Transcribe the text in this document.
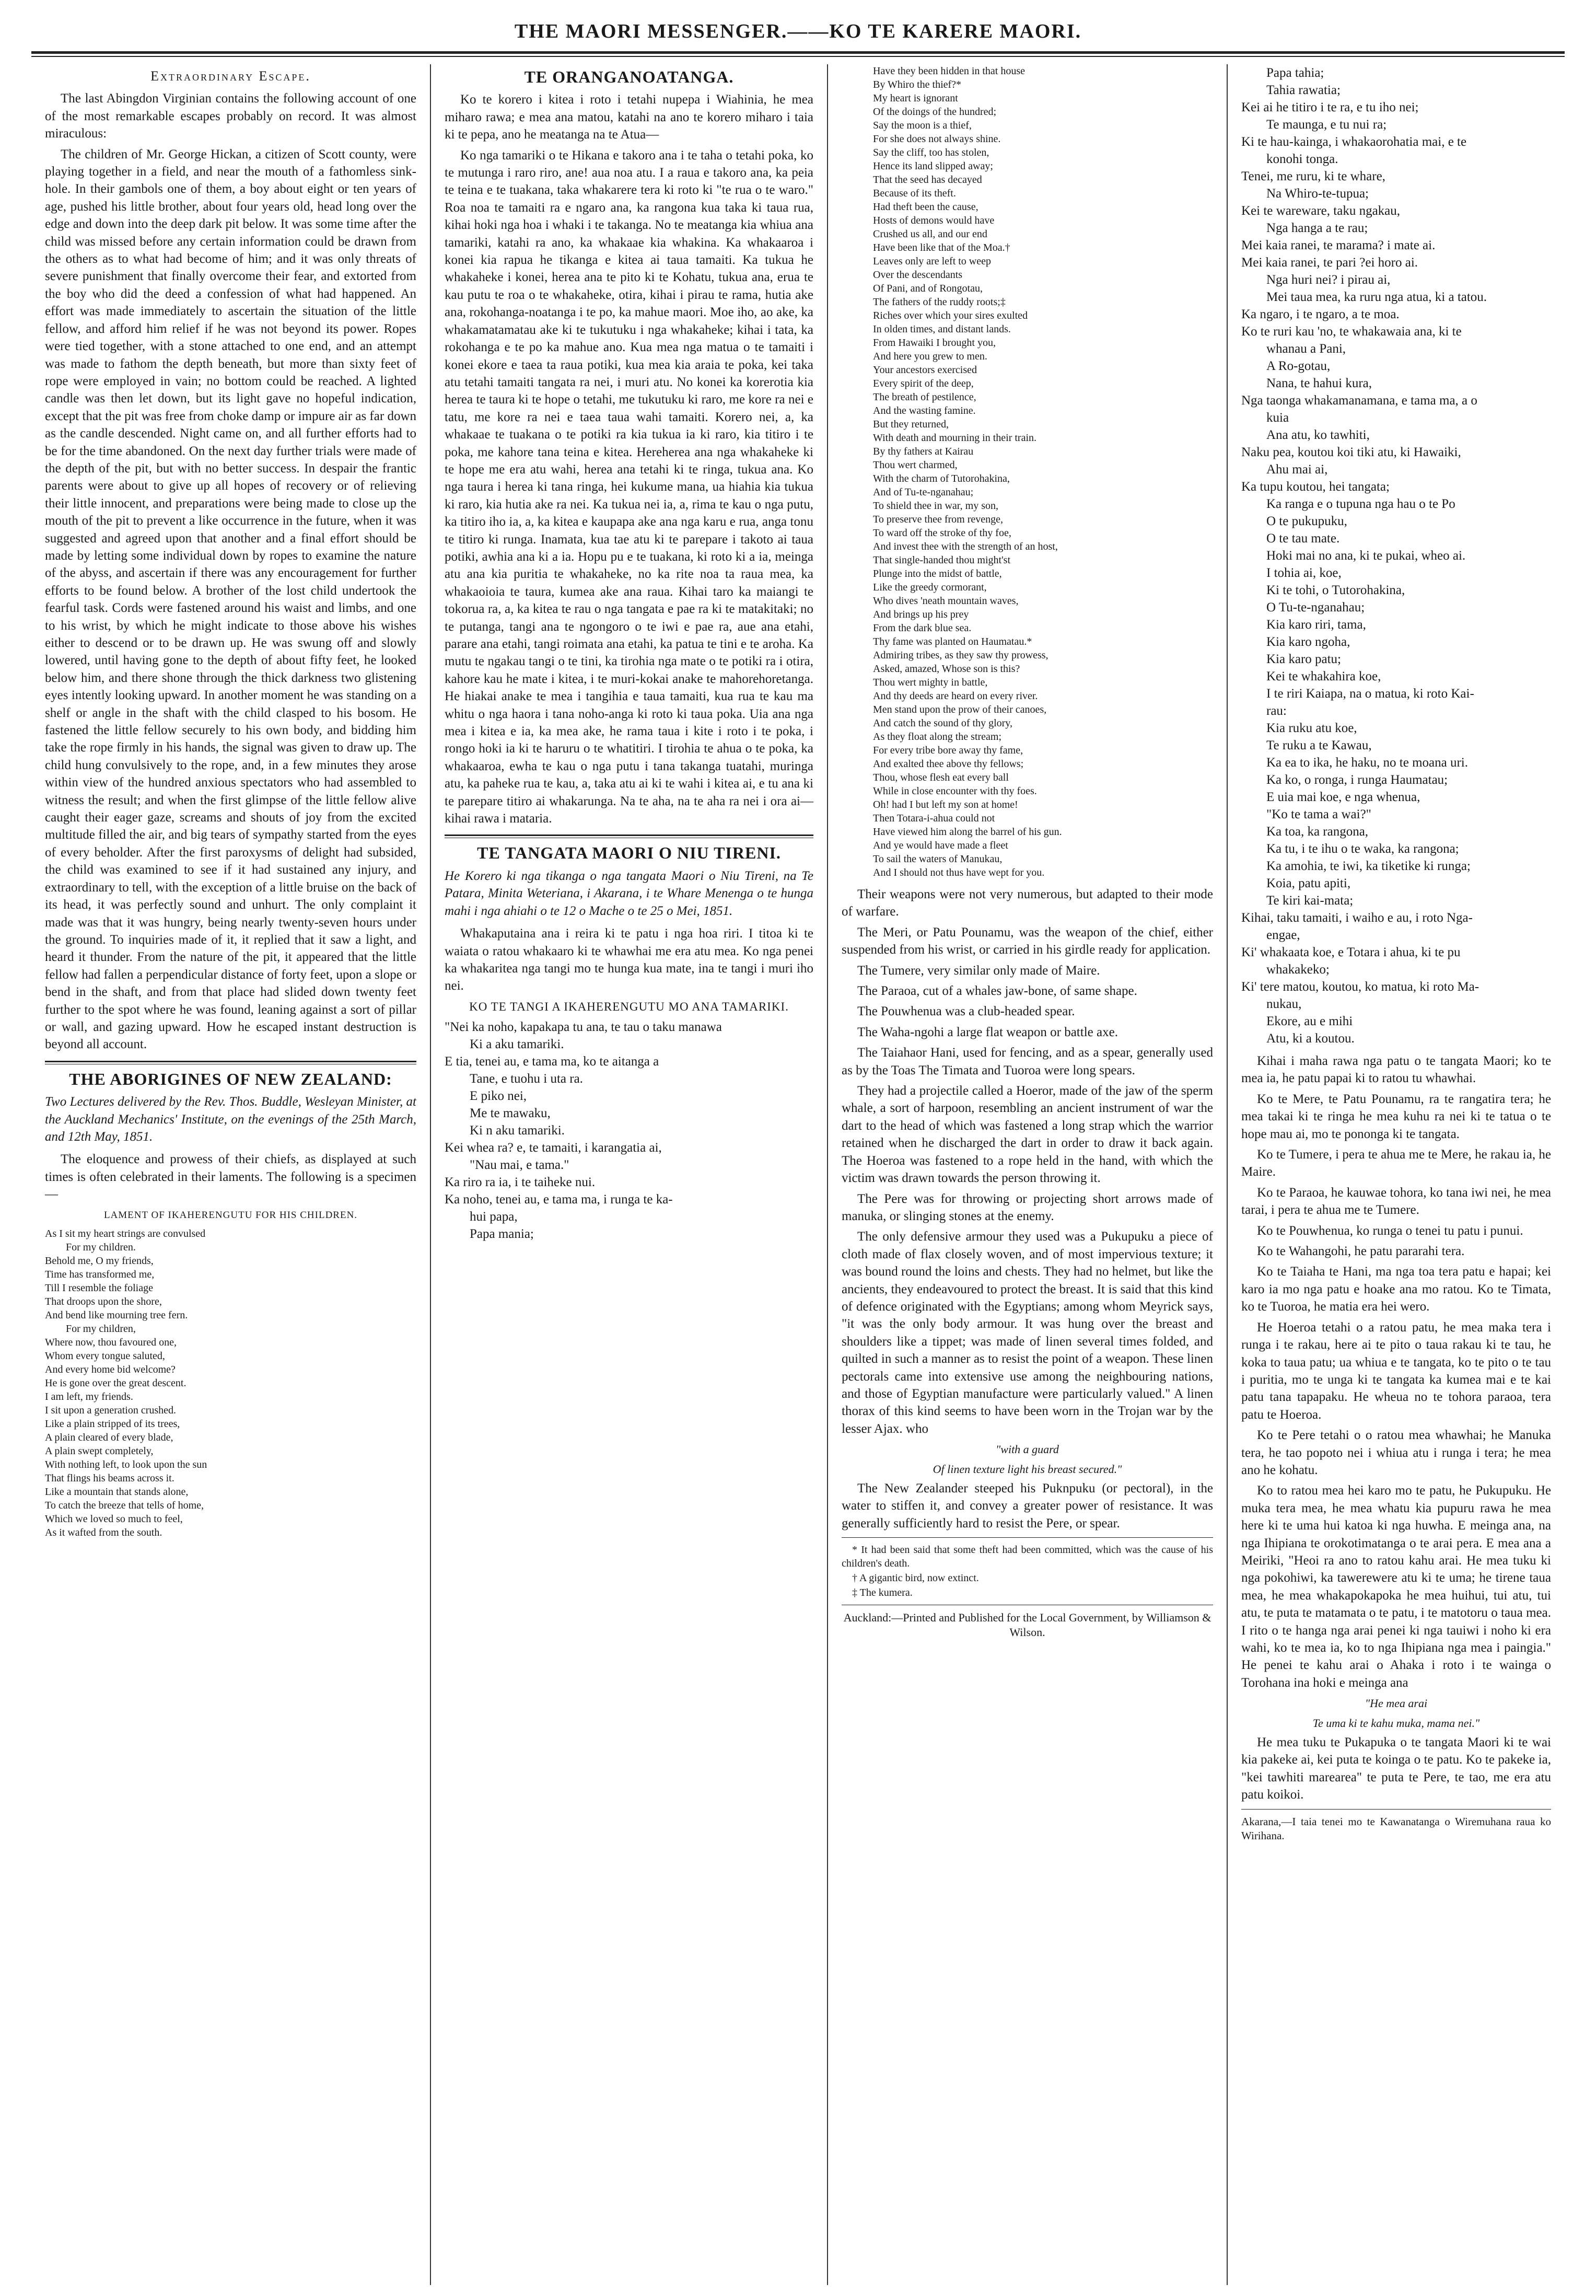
THE MAORI MESSENGER.——KO TE KARERE MAORI.
Extraordinary Escape.

The last Abingdon Virginian contains the following account of one of the most remarkable escapes probably on record. It was almost miraculous:

The children of Mr. George Hickan, a citizen of Scott county, were playing together in a field, and near the mouth of a fathomless sink-hole. In their gambols one of them, a boy about eight or ten years of age, pushed his little brother, about four years old, head long over the edge and down into the deep dark pit below. It was some time after the child was missed before any certain information could be drawn from the others as to what had become of him; and it was only threats of severe punishment that finally overcome their fear, and extorted from the boy who did the deed a confession of what had happened. An effort was made immediately to ascertain the situation of the little fellow, and afford him relief if he was not beyond its power. Ropes were tied together, with a stone attached to one end, and an attempt was made to fathom the depth beneath, but more than sixty feet of rope were employed in vain; no bottom could be reached. A lighted candle was then let down, but its light gave no hopeful indication, except that the pit was free from choke damp or impure air as far down as the candle descended. Night came on, and all further efforts had to be for the time abandoned. On the next day further trials were made of the depth of the pit, but with no better success. In despair the frantic parents were about to give up all hopes of recovery or of relieving their little innocent, and preparations were being made to close up the mouth of the pit to prevent a like occurrence in the future, when it was suggested and agreed upon that another and a final effort should be made by letting some individual down by ropes to examine the nature of the abyss, and ascertain if there was any encouragement for further efforts to be found below. A brother of the lost child undertook the fearful task. Cords were fastened around his waist and limbs, and one to his wrist, by which he might indicate to those above his wishes either to descend or to be drawn up. He was swung off and slowly lowered, until having gone to the depth of about fifty feet, he looked below him, and there shone through the thick darkness two glistening eyes intently looking upward. In another moment he was standing on a shelf or angle in the shaft with the child clasped to his bosom. He fastened the little fellow securely to his own body, and bidding him take the rope firmly in his hands, the signal was given to draw up. The child hung convulsively to the rope, and, in a few minutes they arose within view of the hundred anxious spectators who had assembled to witness the result; and when the first glimpse of the little fellow alive caught their eager gaze, screams and shouts of joy from the excited multitude filled the air, and big tears of sympathy started from the eyes of every beholder. After the first paroxysms of delight had subsided, the child was examined to see if it had sustained any injury, and extraordinary to tell, with the exception of a little bruise on the back of its head, it was perfectly sound and unhurt. The only complaint it made was that it was hungry, being nearly twenty-seven hours under the ground. To inquiries made of it, it replied that it saw a light, and heard it thunder. From the nature of the pit, it appeared that the little fellow had fallen a perpendicular distance of forty feet, upon a slope or bend in the shaft, and from that place had slided down twenty feet further to the spot where he was found, leaning against a sort of pillar or wall, and gazing upward. How he escaped instant destruction is beyond all account.

THE ABORIGINES OF NEW ZEALAND:

Two Lectures delivered by the Rev. Thos. Buddle, Wesleyan Minister, at the Auckland Mechanics' Institute, on the evenings of the 25th March, and 12th May, 1851.

The eloquence and prowess of their chiefs, as displayed at such times is often celebrated in their laments. The following is a specimen—

LAMENT OF IKAHERENGUTU FOR HIS CHILDREN.
As I sit my heart strings are convulsed
For my children.
Behold me, O my friends,
Time has transformed me,
Till I resemble the foliage
That droops upon the shore,
And bend like mourning tree fern.
For my children,
Where now, thou favoured one,
Whom every tongue saluted,
And every home bid welcome?
He is gone over the great descent.
I am left, my friends.
I sit upon a generation crushed.
Like a plain stripped of its trees,
A plain cleared of every blade,
A plain swept completely,
With nothing left, to look upon the sun
That flings his beams across it.
Like a mountain that stands alone,
To catch the breeze that tells of home,
Which we loved so much to feel,
As it wafted from the south.
TE ORANGANOATANGA.

Ko te korero i kitea i roto i tetahi nupepa i Wiahinia, he mea miharo rawa; e mea ana matou, katahi na ano te korero miharo i taia ki te pepa, ano he meatanga na te Atua—

Ko nga tamariki o te Hikana e takoro ana i te taha o tetahi poka, ko te mutunga i raro riro, ane! aua noa atu. I a raua e takoro ana, ka peia te teina e te tuakana, taka whakarere tera ki roto ki "te rua o te waro." Roa noa te tamaiti ra e ngaro ana, ka rangona kua taka ki taua rua, kihai hoki nga hoa i whaki i te takanga. No te meatanga kia whiua ana tamariki, katahi ra ano, ka whakaae kia whakina. Ka whakaaroa i konei kia rapua he tikanga e kitea ai taua tamaiti. Ka tukua he whakaheke i konei, herea ana te pito ki te Kohatu, tukua ana, erua te kau putu te roa o te whakaheke, otira, kihai i pirau te rama, hutia ake ana, rokohanga-noatanga i te po, ka mahue maori. Moe iho, ao ake, ka whakamatamatau ake ki te tukutuku i nga whakaheke; kihai i tata, ka rokohanga e te po ka mahue ano. Kua mea nga matua o te tamaiti i konei ekore e taea ta raua potiki, kua mea kia araia te poka, kei taka atu tetahi tamaiti tangata ra nei, i muri atu. No konei ka korerotia kia herea te taura ki te hope o tetahi, me tukutuku ki raro, me kore ra nei e tatu, me kore ra nei e taea taua wahi tamaiti. Korero nei, a, ka whakaae te tuakana o te potiki ra kia tukua ia ki raro, kia titiro i te poka, me kahore tana teina e kitea. Hereherea ana nga whakaheke ki te hope me era atu wahi, herea ana tetahi ki te ringa, tukua ana. Ko nga taura i herea ki tana ringa, hei kukume mana, ua hiahia kia tukua ki raro, kia hutia ake ra nei. Ka tukua nei ia, a, rima te kau o nga putu, ka titiro iho ia, a, ka kitea e kaupapa ake ana nga karu e rua, anga tonu te titiro ki runga. Inamata, kua tae atu ki te parepare i takoto ai taua potiki, awhia ana ki a ia. Hopu pu e te tuakana, ki roto ki a ia, meinga atu ana kia puritia te whakaheke, no ka rite noa ta raua mea, ka whakaoioia te taura, kumea ake ana raua. Kihai taro ka maiangi te tokorua ra, a, ka kitea te rau o nga tangata e pae ra ki te matakitaki; no te putanga, tangi ana te ngongoro o te iwi e pae ra, aue ana etahi, parare ana etahi, tangi roimata ana etahi, ka patua te tini e te aroha. Ka mutu te ngakau tangi o te tini, ka tirohia nga mate o te potiki ra i otira, kahore kau he mate i kitea, i te muri-kokai anake te mahorehoretanga. He hiakai anake te mea i tangihia e taua tamaiti, kua rua te kau ma whitu o nga haora i tana noho-anga ki roto ki taua poka. Uia ana nga mea i kitea e ia, ka mea ake, he rama taua i kite i roto i te poka, i rongo hoki ia ki te haruru o te whatitiri. I tirohia te ahua o te poka, ka whakaaroa, ewha te kau o nga putu i tana takanga tuatahi, muringa atu, ka paheke rua te kau, a, taka atu ai ki te wahi i kitea ai, e tu ana ki te parepare titiro ai whakarunga. Na te aha, na te aha ra nei i ora ai—kihai rawa i mataria.

TE TANGATA MAORI O NIU TIRENI.

He Korero ki nga tikanga o nga tangata Maori o Niu Tireni, na Te Patara, Minita Weteriana, i Akarana, i te Whare Menenga o te hunga mahi i nga ahiahi o te 12 o Mache o te 25 o Mei, 1851.

Whakaputaina ana i reira ki te patu i nga hoa riri. I titoa ki te waiata o ratou whakaaro ki te whawhai me era atu mea. Ko nga penei ka whakaritea nga tangi mo te hunga kua mate, ina te tangi i muri iho nei.

KO TE TANGI A IKAHERENGUTU MO ANA TAMARIKI.
"Nei ka noho, kapakapa tu ana, te tau o taku manawa
Ki a aku tamariki.
E tia, tenei au, e tama ma, ko te aitanga a
Tane, e tuohu i uta ra.
E piko nei,
Me te mawaku,
Ki n aku tamariki.
Kei whea ra? e, te tamaiti, i karangatia ai,
"Nau mai, e tama."
Ka riro ra ia, i te taiheke nui.
Ka noho, tenei au, e tama ma, i runga te ka-
hui papa,
Papa mania;
Have they been hidden in that house
By Whiro the thief?*
My heart is ignorant
Of the doings of the hundred;
Say the moon is a thief,
For she does not always shine.
Say the cliff, too has stolen,
Hence its land slipped away;
That the seed has decayed
Because of its theft.
Had theft been the cause,
Hosts of demons would have
Crushed us all, and our end
Have been like that of the Moa.†
Leaves only are left to weep
Over the descendants
Of Pani, and of Rongotau,
The fathers of the ruddy roots;‡
Riches over which your sires exulted
In olden times, and distant lands.
From Hawaiki I brought you,
And here you grew to men.
Your ancestors exercised
Every spirit of the deep,
The breath of pestilence,
And the wasting famine.
But they returned,
With death and mourning in their train.
By thy fathers at Kairau
Thou wert charmed,
With the charm of Tutorohakina,
And of Tu-te-nganahau;
To shield thee in war, my son,
To preserve thee from revenge,
To ward off the stroke of thy foe,
And invest thee with the strength of an host,
That single-handed thou might'st
Plunge into the midst of battle,
Like the greedy cormorant,
Who dives 'neath mountain waves,
And brings up his prey
From the dark blue sea.
Thy fame was planted on Haumatau.*
Admiring tribes, as they saw thy prowess,
Asked, amazed, Whose son is this?
Thou wert mighty in battle,
And thy deeds are heard on every river.
Men stand upon the prow of their canoes,
And catch the sound of thy glory,
As they float along the stream;
For every tribe bore away thy fame,
And exalted thee above thy fellows;
Thou, whose flesh eat every ball
While in close encounter with thy foes.
Oh! had I but left my son at home!
Then Totara-i-ahua could not
Have viewed him along the barrel of his gun.
And ye would have made a fleet
To sail the waters of Manukau,
And I should not thus have wept for you.

Their weapons were not very numerous, but adapted to their mode of warfare.

The Meri, or Patu Pounamu, was the weapon of the chief, either suspended from his wrist, or carried in his girdle ready for application.

The Tumere, very similar only made of Maire.

The Paraoa, cut of a whales jaw-bone, of same shape.

The Pouwhenua was a club-headed spear.

The Waha-ngohi a large flat weapon or battle axe.

The Taiahaor Hani, used for fencing, and as a spear, generally used as by the Toas The Timata and Tuoroa were long spears.

They had a projectile called a Hoeror, made of the jaw of the sperm whale, a sort of harpoon, resembling an ancient instrument of war the dart to the head of which was fastened a long strap which the warrior retained when he discharged the dart in order to draw it back again. The Hoeroa was fastened to a rope held in the hand, with which the victim was drawn towards the person throwing it.

The Pere was for throwing or projecting short arrows made of manuka, or slinging stones at the enemy.

The only defensive armour they used was a Pukupuku a piece of cloth made of flax closely woven, and of most impervious texture; it was bound round the loins and chests. They had no helmet, but like the ancients, they endeavoured to protect the breast. It is said that this kind of defence originated with the Egyptians; among whom Meyrick says, "it was the only body armour. It was hung over the breast and shoulders like a tippet; was made of linen several times folded, and quilted in such a manner as to resist the point of a weapon. These linen pectorals came into extensive use among the neighbouring nations, and those of Egyptian manufacture were particularly valued." A linen thorax of this kind seems to have been worn in the Trojan war by the lesser Ajax. who

"with a guard
Of linen texture light his breast secured."

The New Zealander steeped his Puknpuku (or pectoral), in the water to stiffen it, and convey a greater power of resistance. It was generally sufficiently hard to resist the Pere, or spear.

* It had been said that some theft had been committed, which was the cause of his children's death.

† A gigantic bird, now extinct.

‡ The kumera.

Auckland:—Printed and Published for the Local Government, by Williamson & Wilson.
Papa tahia;
Tahia rawatia;
Kei ai he titiro i te ra, e tu iho nei;
Te maunga, e tu nui ra;
Ki te hau-kainga, i whakaorohatia mai, e te
konohi tonga.
Tenei, me ruru, ki te whare,
Na Whiro-te-tupua;
Kei te wareware, taku ngakau,
Nga hanga a te rau;
Mei kaia ranei, te marama? i mate ai.
Mei kaia ranei, te pari ?ei horo ai.
Nga huri nei? i pirau ai,
Mei taua mea, ka ruru nga atua, ki a tatou.
Ka ngaro, i te ngaro, a te moa.
Ko te ruri kau 'no, te whakawaia ana, ki te
whanau a Pani,
A Ro-gotau,
Nana, te hahui kura,
Nga taonga whakamanamana, e tama ma, a o
kuia
Ana atu, ko tawhiti,
Naku pea, koutou koi tiki atu, ki Hawaiki,
Ahu mai ai,
Ka tupu koutou, hei tangata;
Ka ranga e o tupuna nga hau o te Po
O te pukupuku,
O te tau mate.
Hoki mai no ana, ki te pukai, wheo ai.
I tohia ai, koe,
Ki te tohi, o Tutorohakina,
O Tu-te-nganahau;
Kia karo riri, tama,
Kia karo ngoha,
Kia karo patu;
Kei te whakahira koe,
I te riri Kaiapa, na o matua, ki roto Kai-
rau:
Kia ruku atu koe,
Te ruku a te Kawau,
Ka ea to ika, he haku, no te moana uri.
Ka ko, o ronga, i runga Haumatau;
E uia mai koe, e nga whenua,
"Ko te tama a wai?"
Ka toa, ka rangona,
Ka tu, i te ihu o te waka, ka rangona;
Ka amohia, te iwi, ka tiketike ki runga;
Koia, patu apiti,
Te kiri kai-mata;
Kihai, taku tamaiti, i waiho e au, i roto Nga-
engae,
Ki' whakaata koe, e Totara i ahua, ki te pu
whakakeko;
Ki' tere matou, koutou, ko matua, ki roto Ma-
nukau,
Ekore, au e mihi
Atu, ki a koutou.

Kihai i maha rawa nga patu o te tangata Maori; ko te mea ia, he patu papai ki to ratou tu whawhai.

Ko te Mere, te Patu Pounamu, ra te rangatira tera; he mea takai ki te ringa he mea kuhu ra nei ki te tatua o te hope mau ai, mo te pononga ki te tangata.

Ko te Tumere, i pera te ahua me te Mere, he rakau ia, he Maire.

Ko te Paraoa, he kauwae tohora, ko tana iwi nei, he mea tarai, i pera te ahua me te Tumere.

Ko te Pouwhenua, ko runga o tenei tu patu i punui.

Ko te Wahangohi, he patu pararahi tera.

Ko te Taiaha te Hani, ma nga toa tera patu e hapai; kei karo ia mo nga patu e hoake ana mo ratou. Ko te Timata, ko te Tuoroa, he matia era hei wero.

He Hoeroa tetahi o a ratou patu, he mea maka tera i runga i te rakau, here ai te pito o taua rakau ki te tau, he koka to taua patu; ua whiua e te tangata, ko te pito o te tau i puritia, mo te unga ki te tangata ka kumea mai e te kai patu tana tapapaku. He wheua no te tohora paraoa, tera patu te Hoeroa.

Ko te Pere tetahi o o ratou mea whawhai; he Manuka tera, he tao popoto nei i whiua atu i runga i tera; he mea ano he kohatu.

Ko to ratou mea hei karo mo te patu, he Pukupuku. He muka tera mea, he mea whatu kia pupuru rawa he mea here ki te uma hui katoa ki nga huwha. E meinga ana, na nga Ihipiana te orokotimatanga o te arai pera. E mea ana a Meiriki, "Heoi ra ano to ratou kahu arai. He mea tuku ki nga pokohiwi, ka tawerewere atu ki te uma; he tirene taua mea, he mea whakapokapoka he mea huihui, tui atu, tui atu, te puta te matamata o te patu, i te matotoru o taua mea. I rito o te hanga nga arai penei ki nga tauiwi i noho ki era wahi, ko te mea ia, ko to nga Ihipiana nga mea i paingia." He penei te kahu arai o Ahaka i roto i te wainga o Torohana ina hoki e meinga ana

"He mea arai
Te uma ki te kahu muka, mama nei."

He mea tuku te Pukapuka o te tangata Maori ki te wai kia pakeke ai, kei puta te koinga o te patu. Ko te pakeke ia, "kei tawhiti marearea" te puta te Pere, te tao, me era atu patu koikoi.

Akarana,—I taia tenei mo te Kawanatanga o Wiremuhana raua ko Wirihana.
